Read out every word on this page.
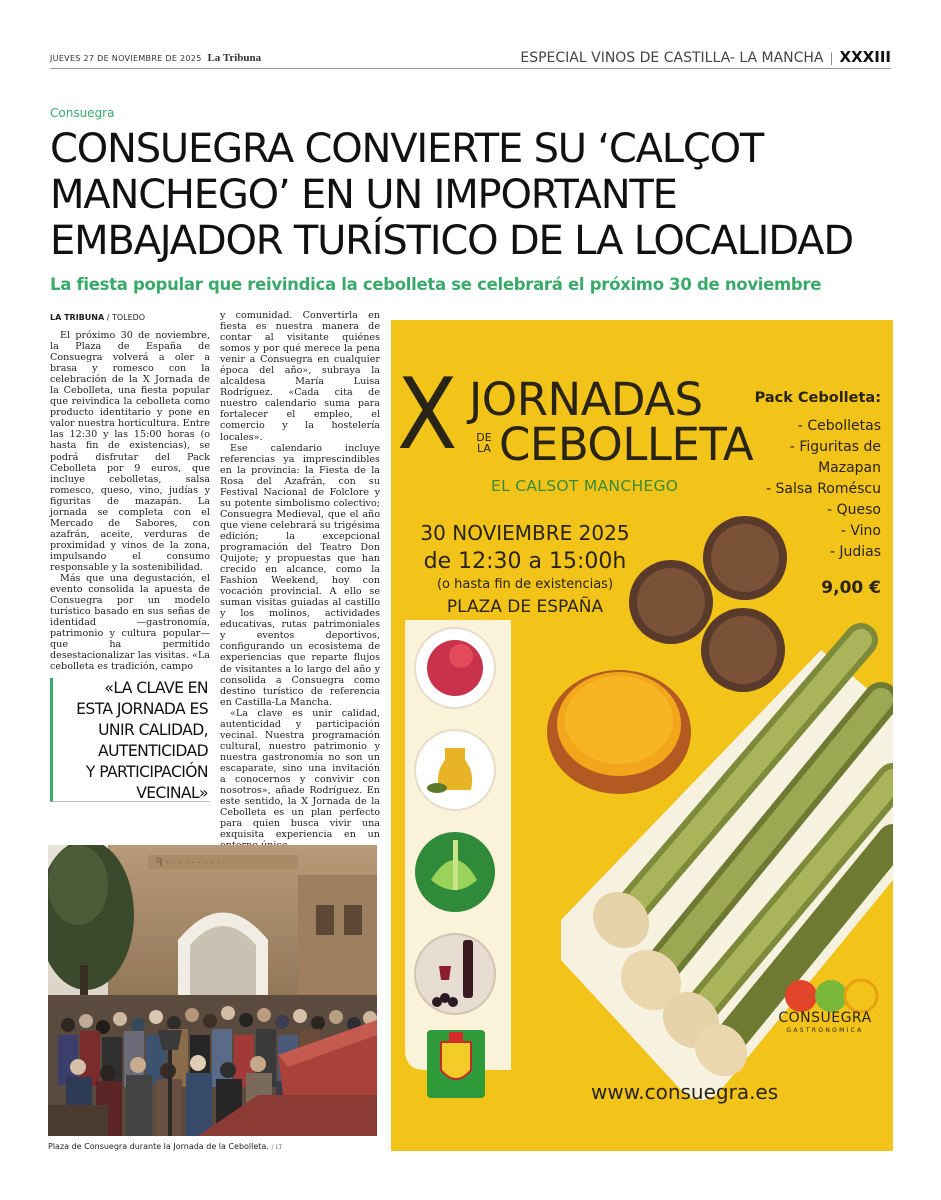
JUEVES 27 DE NOVIEMBRE DE 2025 La Tribuna	ESPECIAL VINOS DE CASTILLA- LA MANCHA | XXXIII
Consuegra
CONSUEGRA CONVIERTE SU ‘CALÇOT
MANCHEGO’ EN UN IMPORTANTE
EMBAJADOR TURÍSTICO DE LA LOCALIDAD
La fiesta popular que reivindica la cebolleta se celebrará el próximo 30 de noviembre
LA TRIBUNA / TOLEDO

El próximo 30 de noviembre, la Plaza de España de Consuegra volverá a oler a brasa y romesco con la celebración de la X Jornada de la Cebolleta, una fiesta popular que reivindica la cebolleta como producto identitario y pone en valor nuestra horticultura. Entre las 12:30 y las 15:00 horas (o hasta fin de existencias), se podrá disfrutar del Pack Cebolleta por 9 euros, que incluye cebolletas, salsa romesco, queso, vino, judías y figuritas de mazapán. La jornada se completa con el Mercado de Sabores, con azafrán, aceite, verduras de proximidad y vinos de la zona, impulsando el consumo responsable y la sostenibilidad.

Más que una degustación, el evento consolida la apuesta de Consuegra por un modelo turístico basado en sus señas de identidad —gastronomía, patrimonio y cultura popular— que ha permitido desestacionalizar las visitas. «La cebolleta es tradición, campo

y comunidad. Convertirla en fiesta es nuestra manera de contar al visitante quiénes somos y por qué merece la pena venir a Consuegra en cualquier época del año», subraya la alcaldesa María Luisa Rodríguez. «Cada cita de nuestro calendario suma para fortalecer el empleo, el comercio y la hostelería locales».

Ese calendario incluye referencias ya imprescindibles en la provincia: la Fiesta de la Rosa del Azafrán, con su Festival Nacional de Folclore y su potente simbolismo colectivo; Consuegra Medieval, que el año que viene celebrará su trigésima edición; la excepcional programación del Teatro Don Quijote; y propuestas que han crecido en alcance, como la Fashion Weekend, hoy con vocación provincial. A ello se suman visitas guiadas al castillo y los molinos, actividades educativas, rutas patrimoniales y eventos deportivos, configurando un ecosistema de experiencias que reparte flujos de visitantes a lo largo del año y consolida a Consuegra como destino turístico de referencia en Castilla-La Mancha.

«La clave es unir calidad, autenticidad y participación vecinal. Nuestra programación cultural, nuestro patrimonio y nuestra gastronomía no son un escaparate, sino una invitación a conocernos y convivir con nosotros», añade Rodríguez. En este sentido, la X Jornada de la Cebolleta es un plan perfecto para quien busca vivir una exquisita experiencia en un

«LA CLAVE EN
ESTA JORNADA ES
UNIR CALIDAD,
AUTENTICIDAD
Y PARTICIPACIÓN
VECINAL»
ꟻ · · · · · · · · ·
Plaza de Consuegra durante la Jornada de la Cebolleta. / LT
X JORNADAS
DE
LA CEBOLLETA
EL CALSOT MANCHEGO
30 NOVIEMBRE 2025
de 12:30 a 15:00h
(o hasta fin de existencias)
PLAZA DE ESPAÑA
Pack Cebolleta:
- Cebolletas
- Figuritas de
Mazapan
- Salsa Roméscu
- Queso
- Vino
- Judias
9,00 €
CONSUEGRA
GASTRONOMICA
www.consuegra.es
